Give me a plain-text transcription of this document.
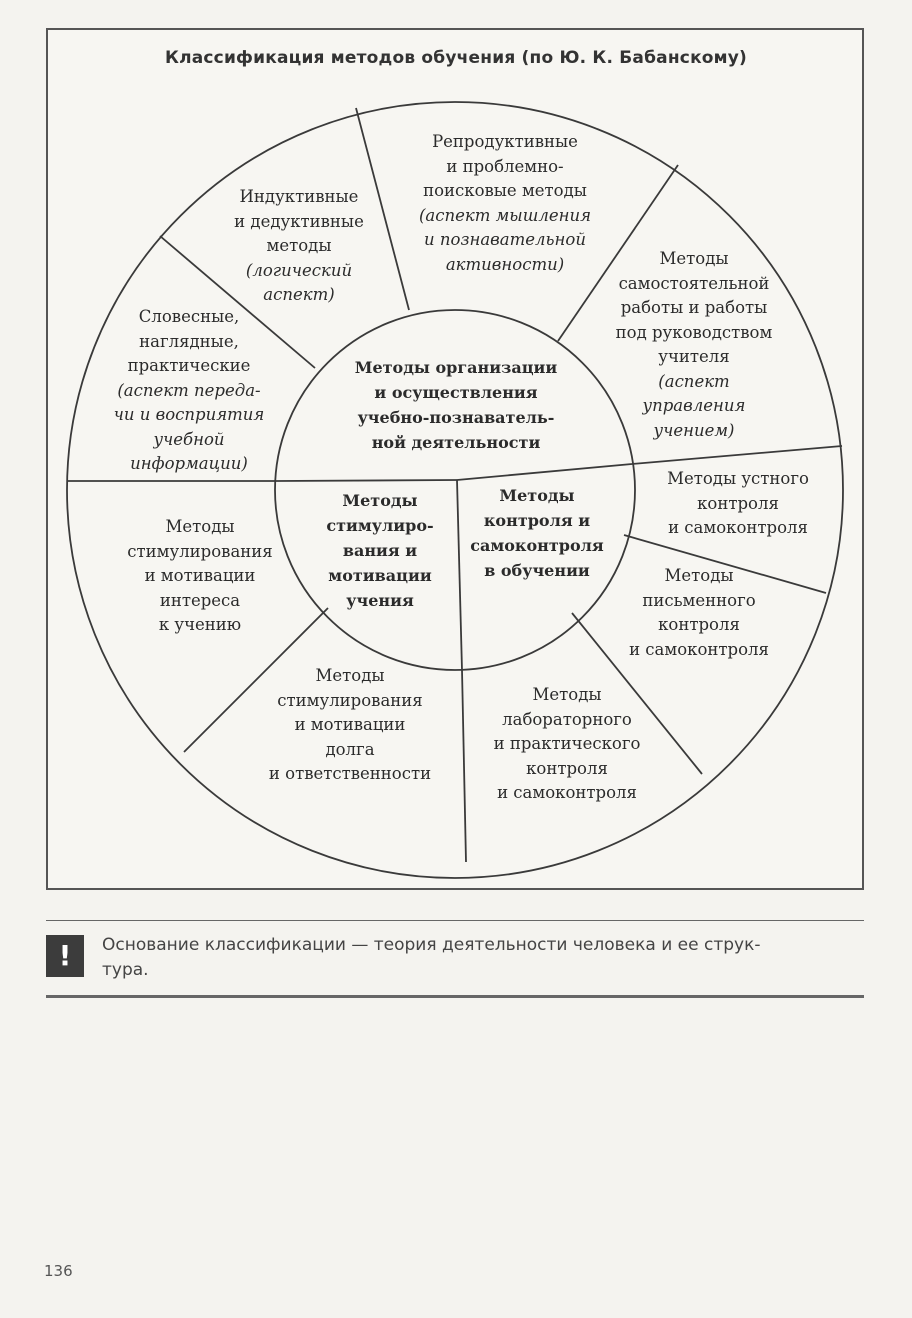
Классификация методов обучения (по Ю. К. Бабанскому)
Методы организации
и осуществления
учебно-познаватель-
ной деятельности
Методы
стимулиро-
вания и
мотивации
учения
Методы
контроля и
самоконтроля
в обучении
Словесные,
наглядные,
практические
(аспект переда-
чи и восприятия
учебной
информации)
Индуктивные
и дедуктивные
методы
(логический
аспект)
Репродуктивные
и проблемно-
поисковые методы
(аспект мышления
и познавательной
активности)	Методы
самостоятельной
работы и работы
под руководством
учителя
(аспект
управления
учением)
Методы устного
контроля
и самоконтроля
Методы
письменного
контроля
и самоконтроля
Методы
лабораторного
и практического
контроля
и самоконтроля
Методы
стимулирования
и мотивации
долга
и ответственности
Методы
стимулирования
и мотивации
интереса
к учению
!	Основание классификации — теория деятельности человека и ее струк-
тура.
136
